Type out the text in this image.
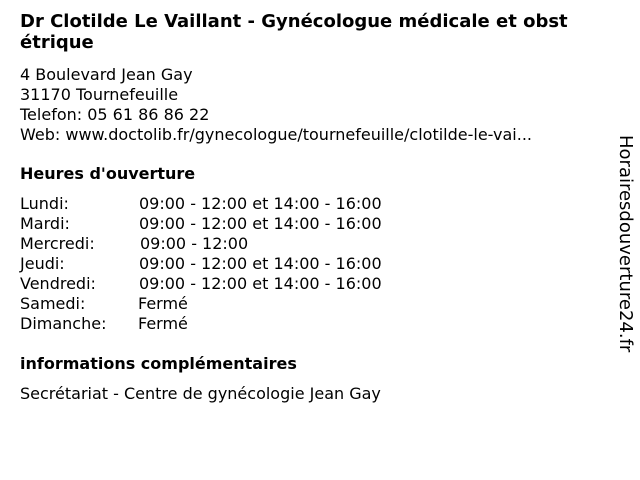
Dr Clotilde Le Vaillant - Gynécologue médicale et obst
étrique
4 Boulevard Jean Gay
31170 Tournefeuille
Telefon: 05 61 86 86 22
Web: www.doctolib.fr/gynecologue/tournefeuille/clotilde-le-vai...
Heures d'ouverture
Lundi:	09:00 - 12:00 et 14:00 - 16:00
Mardi:	09:00 - 12:00 et 14:00 - 16:00
Mercredi:	09:00 - 12:00
Jeudi:	09:00 - 12:00 et 14:00 - 16:00
Vendredi:	09:00 - 12:00 et 14:00 - 16:00
Samedi:	Fermé
Dimanche: Fermé
informations complémentaires
Secrétariat - Centre de gynécologie Jean Gay
Horairesdouverture24.fr
